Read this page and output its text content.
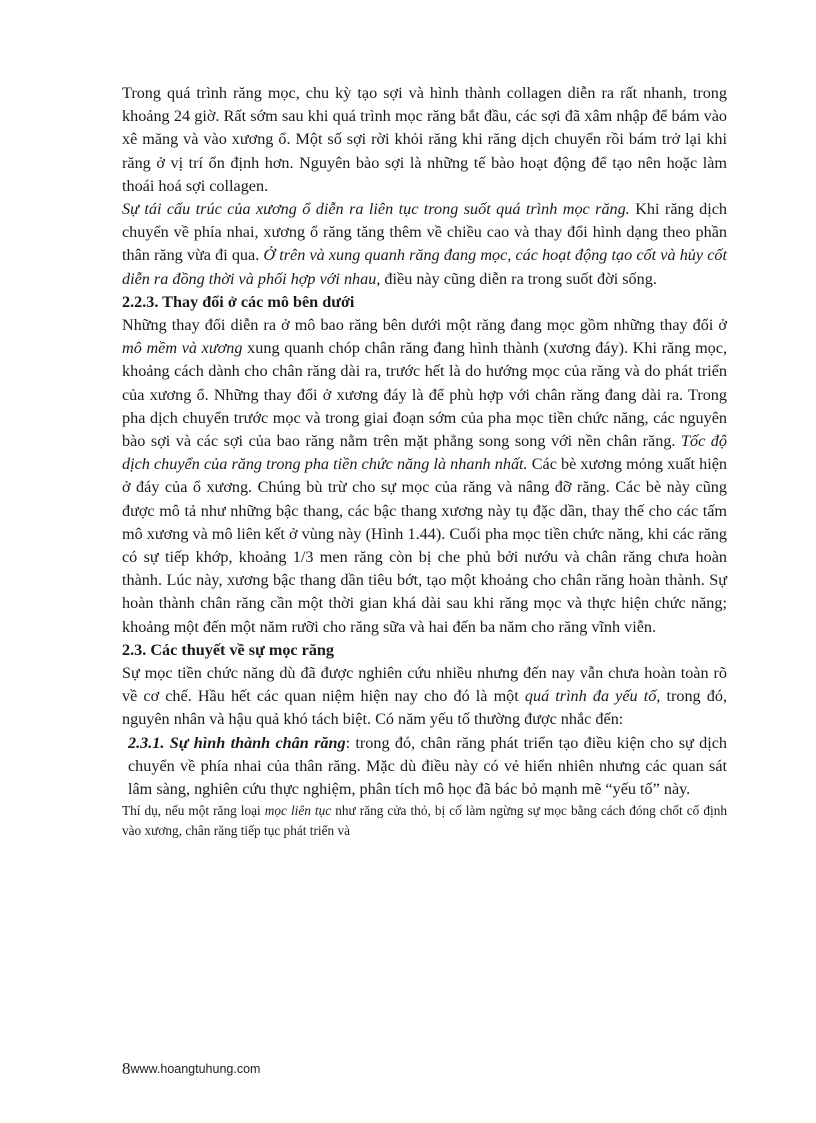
Trong quá trình răng mọc, chu kỳ tạo sợi và hình thành collagen diễn ra rất nhanh, trong khoảng 24 giờ. Rất sớm sau khi quá trình mọc răng bắt đầu, các sợi đã xâm nhập để bám vào xê măng và vào xương ổ. Một số sợi rời khỏi răng khi răng dịch chuyển rồi bám trở lại khi răng ở vị trí ổn định hơn. Nguyên bào sợi là những tế bào hoạt động để tạo nên hoặc làm thoái hoá sợi collagen.

Sự tái cấu trúc của xương ổ diễn ra liên tục trong suốt quá trình mọc răng. Khi răng dịch chuyển về phía nhai, xương ổ răng tăng thêm về chiều cao và thay đổi hình dạng theo phần thân răng vừa đi qua. Ở trên và xung quanh răng đang mọc, các hoạt động tạo cốt và hủy cốt diễn ra đồng thời và phối hợp với nhau, điều này cũng diễn ra trong suốt đời sống.

2.2.3. Thay đổi ở các mô bên dưới

Những thay đổi diễn ra ở mô bao răng bên dưới một răng đang mọc gồm những thay đổi ở mô mềm và xương xung quanh chóp chân răng đang hình thành (xương đáy). Khi răng mọc, khoảng cách dành cho chân răng dài ra, trước hết là do hướng mọc của răng và do phát triển của xương ổ. Những thay đổi ở xương đáy là để phù hợp với chân răng đang dài ra. Trong pha dịch chuyển trước mọc và trong giai đoạn sớm của pha mọc tiền chức năng, các nguyên bào sợi và các sợi của bao răng nằm trên mặt phẳng song song với nền chân răng. Tốc độ dịch chuyển của răng trong pha tiền chức năng là nhanh nhất. Các bè xương mỏng xuất hiện ở đáy của ổ xương. Chúng bù trừ cho sự mọc của răng và nâng đỡ răng. Các bè này cũng được mô tả như những bậc thang, các bậc thang xương này tụ đặc dần, thay thế cho các tấm mô xương và mô liên kết ở vùng này (Hình 1.44). Cuối pha mọc tiền chức năng, khi các răng có sự tiếp khớp, khoảng 1/3 men răng còn bị che phủ bởi nướu và chân răng chưa hoàn thành. Lúc này, xương bậc thang dần tiêu bớt, tạo một khoảng cho chân răng hoàn thành. Sự hoàn thành chân răng cần một thời gian khá dài sau khi răng mọc và thực hiện chức năng; khoảng một đến một năm rưỡi cho răng sữa và hai đến ba năm cho răng vĩnh viễn.

2.3. Các thuyết về sự mọc răng

Sự mọc tiền chức năng dù đã được nghiên cứu nhiều nhưng đến nay vẫn chưa hoàn toàn rõ về cơ chế. Hầu hết các quan niệm hiện nay cho đó là một quá trình đa yếu tố, trong đó, nguyên nhân và hậu quả khó tách biệt. Có năm yếu tố thường được nhắc đến:

2.3.1. Sự hình thành chân răng: trong đó, chân răng phát triển tạo điều kiện cho sự dịch chuyển về phía nhai của thân răng. Mặc dù điều này có vẻ hiển nhiên nhưng các quan sát lâm sàng, nghiên cứu thực nghiệm, phân tích mô học đã bác bỏ mạnh mẽ “yếu tố” này.

Thí dụ, nếu một răng loại mọc liên tục như răng cửa thỏ, bị cố làm ngừng sự mọc bằng cách đóng chốt cố định vào xương, chân răng tiếp tục phát triển và

8www.hoangtuhung.com
